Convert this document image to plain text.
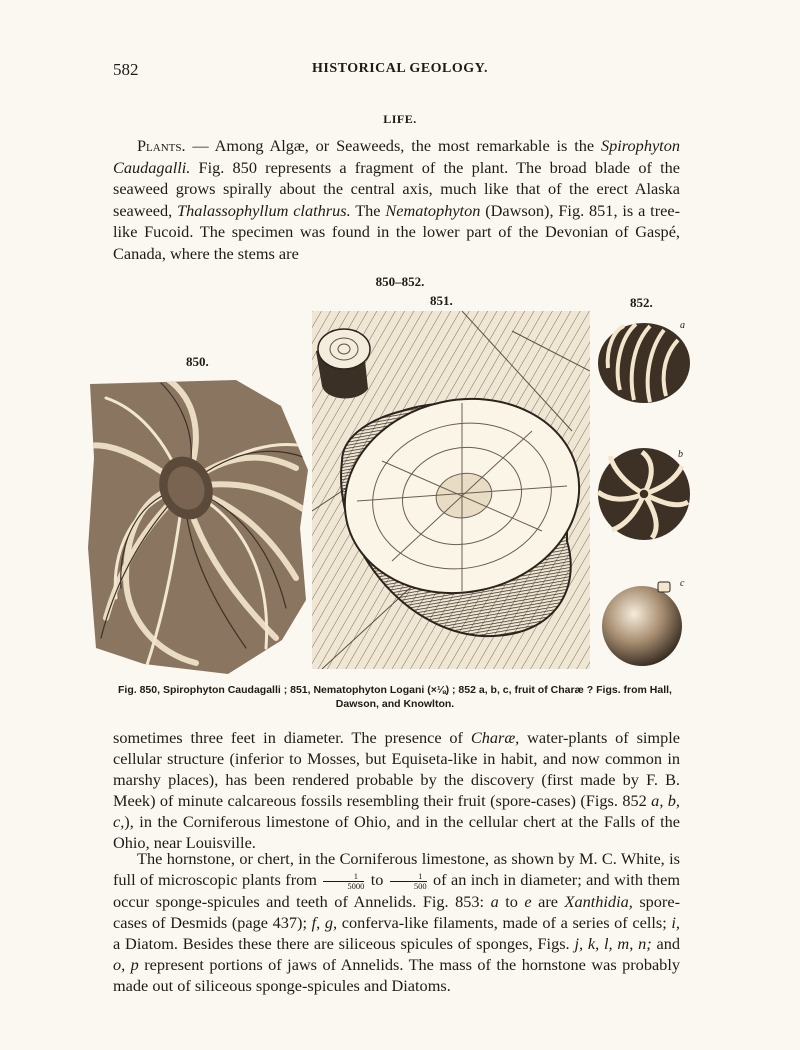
582	HISTORICAL GEOLOGY.
LIFE.

Plants. — Among Algæ, or Seaweeds, the most remarkable is the Spirophyton Caudagalli. Fig. 850 represents a fragment of the plant. The broad blade of the seaweed grows spirally about the central axis, much like that of the erect Alaska seaweed, Thalassophyllum clathrus. The Nematophyton (Dawson), Fig. 851, is a tree-like Fucoid. The specimen was found in the lower part of the Devonian of Gaspé, Canada, where the stems are

850–852.
850.
851.	852.
a
b
c

Fig. 850, Spirophyton Caudagalli ; 851, Nematophyton Logani (×⅛) ; 852 a, b, c, fruit of Charæ ? Figs. from Hall, Dawson, and Knowlton.

sometimes three feet in diameter. The presence of Charæ, water-plants of simple cellular structure (inferior to Mosses, but Equiseta-like in habit, and now common in marshy places), has been rendered probable by the discovery (first made by F. B. Meek) of minute calcareous fossils resembling their fruit (spore-cases) (Figs. 852 a, b, c,), in the Corniferous limestone of Ohio, and in the cellular chert at the Falls of the Ohio, near Louisville.

The hornstone, or chert, in the Corniferous limestone, as shown by M. C. White, is full of microscopic plants from $\frac{1}{5000}$ to $\frac{1}{500}$ of an inch in diameter; and with them occur sponge-spicules and teeth of Annelids. Fig. 853: a to e are Xanthidia, spore-cases of Desmids (page 437); f, g, conferva-like filaments, made of a series of cells; i, a Diatom. Besides these there are siliceous spicules of sponges, Figs. j, k, l, m, n; and o, p represent portions of jaws of Annelids. The mass of the hornstone was probably made out of siliceous sponge-spicules and Diatoms.
